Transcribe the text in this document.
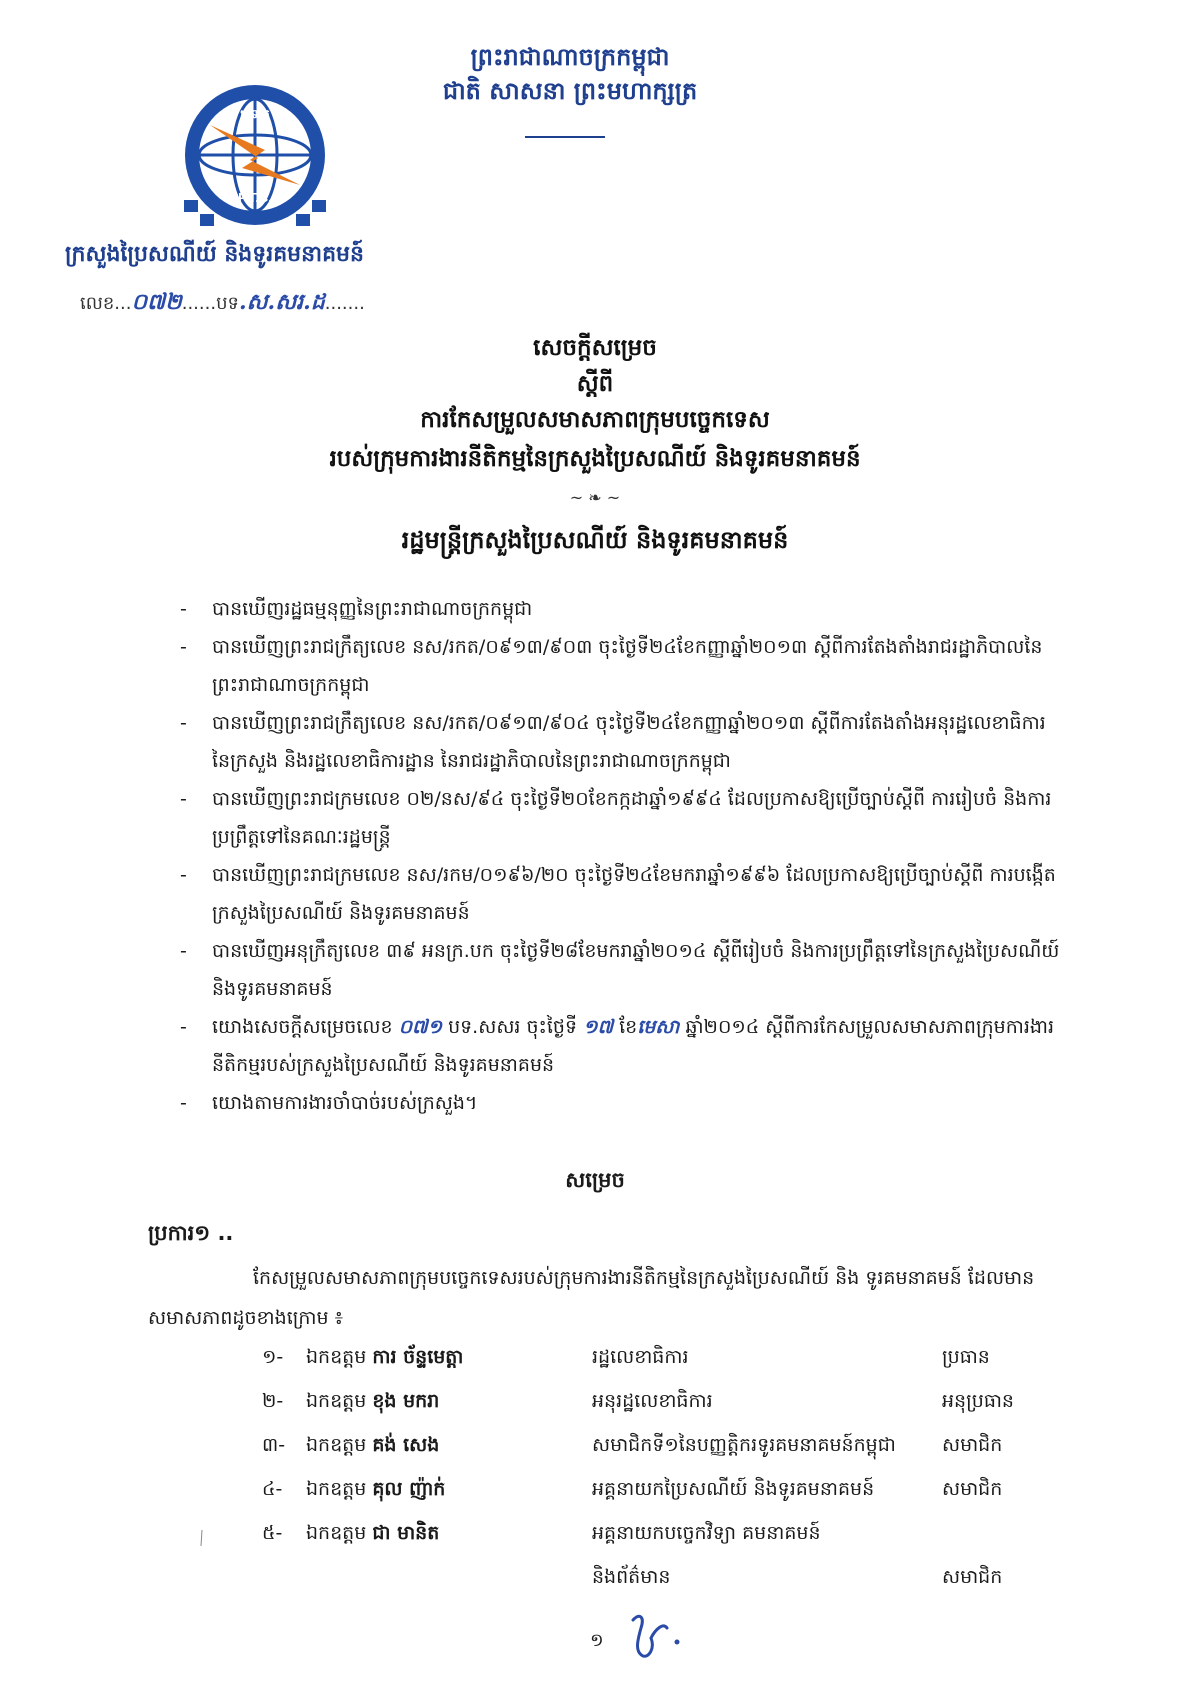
ព្រះរាជាណាចក្រកម្ពុជា
ជាតិ សាសនា ព្រះមហាក្សត្រ
ប.ទ.គ
P.T.C.
ក្រសួងប្រៃសណីយ៍ និងទូរគមនាគមន៍
លេខ...០៧២......បទ.ស.សរ.ដ.......
សេចក្តីសម្រេច
ស្តីពី
ការកែសម្រួលសមាសភាពក្រុមបច្ចេកទេស
របស់ក្រុមការងារនីតិកម្មនៃក្រសួងប្រៃសណីយ៍ និងទូរគមនាគមន៍
~ ❧ ~
រដ្ឋមន្ត្រីក្រសួងប្រៃសណីយ៍ និងទូរគមនាគមន៍
- បានឃើញរដ្ឋធម្មនុញ្ញនៃព្រះរាជាណាចក្រកម្ពុជា
- បានឃើញព្រះរាជក្រឹត្យលេខ នស/រកត/០៩១៣/៩០៣ ចុះថ្ងៃទី២៤ខែកញ្ញាឆ្នាំ២០១៣ ស្តីពីការតែងតាំងរាជរដ្ឋាភិបាលនៃព្រះរាជាណាចក្រកម្ពុជា
- បានឃើញព្រះរាជក្រឹត្យលេខ នស/រកត/០៩១៣/៩០៤ ចុះថ្ងៃទី២៤ខែកញ្ញាឆ្នាំ២០១៣ ស្តីពីការតែងតាំងអនុរដ្ឋលេខាធិការនៃក្រសួង និងរដ្ឋលេខាធិការដ្ឋាន នៃរាជរដ្ឋាភិបាលនៃព្រះរាជាណាចក្រកម្ពុជា
- បានឃើញព្រះរាជក្រមលេខ ០២/នស/៩៤ ចុះថ្ងៃទី២០ខែកក្កដាឆ្នាំ១៩៩៤ ដែលប្រកាសឱ្យប្រើច្បាប់ស្តីពី ការរៀបចំ និងការប្រព្រឹត្តទៅនៃគណៈរដ្ឋមន្ត្រី
- បានឃើញព្រះរាជក្រមលេខ នស/រកម/០១៩៦/២០ ចុះថ្ងៃទី២៤ខែមករាឆ្នាំ១៩៩៦ ដែលប្រកាសឱ្យប្រើច្បាប់ស្តីពី ការបង្កើតក្រសួងប្រៃសណីយ៍ និងទូរគមនាគមន៍
- បានឃើញអនុក្រឹត្យលេខ ៣៩ អនក្រ.បក ចុះថ្ងៃទី២៨ខែមករាឆ្នាំ២០១៤ ស្តីពីរៀបចំ និងការប្រព្រឹត្តទៅនៃក្រសួងប្រៃសណីយ៍ និងទូរគមនាគមន៍
- យោងសេចក្តីសម្រេចលេខ ០៧១ បទ.សសរ ចុះថ្ងៃទី ១៧ ខែមេសា ឆ្នាំ២០១៤ ស្តីពីការកែសម្រួលសមាសភាពក្រុមការងារនីតិកម្មរបស់ក្រសួងប្រៃសណីយ៍ និងទូរគមនាគមន៍
- យោងតាមការងារចាំបាច់របស់ក្រសួង។
សម្រេច
ប្រការ១ ..
កែសម្រួលសមាសភាពក្រុមបច្ចេកទេសរបស់ក្រុមការងារនីតិកម្មនៃក្រសួងប្រៃសណីយ៍ និង ទូរគមនាគមន៍ ដែលមានសមាសភាពដូចខាងក្រោម ៖
១-	ឯកឧត្តម ការ ច័ន្ទមេត្តា	រដ្ឋលេខាធិការ	ប្រធាន
២-	ឯកឧត្តម ខុង មករា	អនុរដ្ឋលេខាធិការ	អនុប្រធាន
៣-	ឯកឧត្តម គង់ សេង	សមាជិកទី១នៃបញ្ញត្តិករទូរគមនាគមន៍កម្ពុជា	សមាជិក
៤-	ឯកឧត្តម គុល ញ៉ាក់	អគ្គនាយកប្រៃសណីយ៍ និងទូរគមនាគមន៍	សមាជិក
៥-	ឯកឧត្តម ជា មានិត	អគ្គនាយកបច្ចេកវិទ្យា គមនាគមន៍
និងព័ត៌មាន	សមាជិក
១
